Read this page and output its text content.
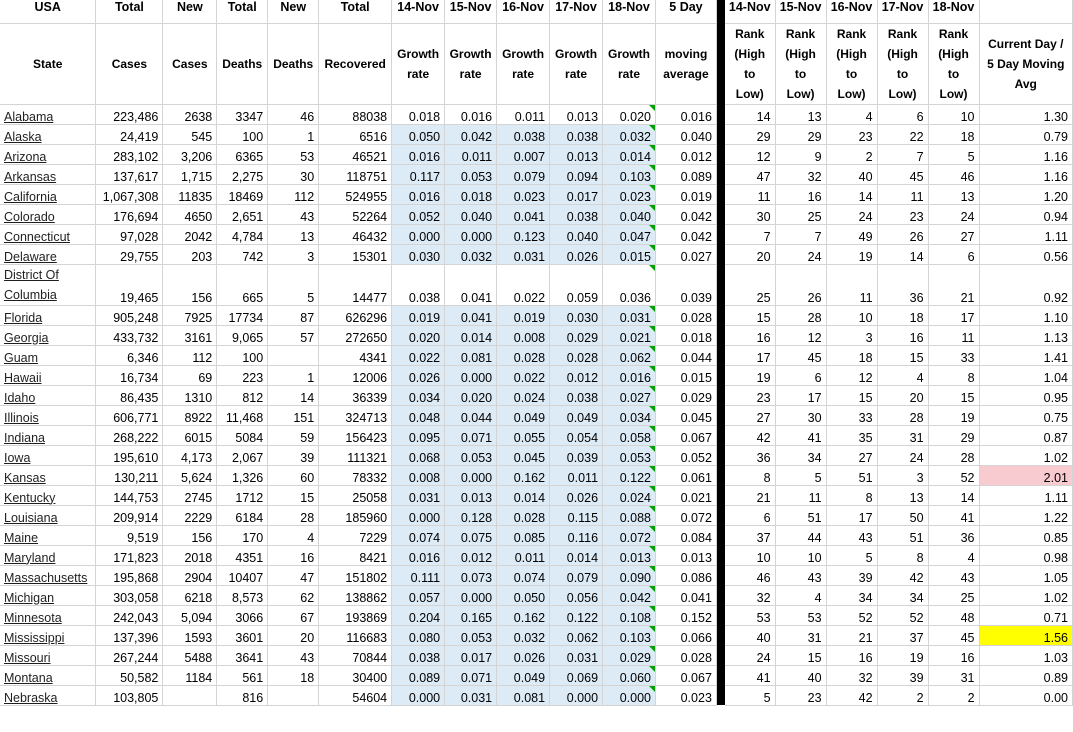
USA	Total	New	Total	New	Total	14-Nov	15-Nov	16-Nov	17-Nov	18-Nov	5 Day		14-Nov	15-Nov	16-Nov	17-Nov	18-Nov	
State	Cases	Cases	Deaths	Deaths	Recovered	Growth rate	Growth rate	Growth rate	Growth rate	Growth rate	moving average		Rank (High to Low)	Rank (High to Low)	Rank (High to Low)	Rank (High to Low)	Rank (High to Low)	Current Day / 5 Day Moving Avg
Alabama	223,486	2638	3347	46	88038	0.018	0.016	0.011	0.013	0.020	0.016		14	13	4	6	10	1.30
Alaska	24,419	545	100	1	6516	0.050	0.042	0.038	0.038	0.032	0.040		29	29	23	22	18	0.79
Arizona	283,102	3,206	6365	53	46521	0.016	0.011	0.007	0.013	0.014	0.012		12	9	2	7	5	1.16
Arkansas	137,617	1,715	2,275	30	118751	0.117	0.053	0.079	0.094	0.103	0.089		47	32	40	45	46	1.16
California	1,067,308	11835	18469	112	524955	0.016	0.018	0.023	0.017	0.023	0.019		11	16	14	11	13	1.20
Colorado	176,694	4650	2,651	43	52264	0.052	0.040	0.041	0.038	0.040	0.042		30	25	24	23	24	0.94
Connecticut	97,028	2042	4,784	13	46432	0.000	0.000	0.123	0.040	0.047	0.042		7	7	49	26	27	1.11
Delaware	29,755	203	742	3	15301	0.030	0.032	0.031	0.026	0.015	0.027		20	24	19	14	6	0.56
District Of Columbia	19,465	156	665	5	14477	0.038	0.041	0.022	0.059	0.036	0.039		25	26	11	36	21	0.92
Florida	905,248	7925	17734	87	626296	0.019	0.041	0.019	0.030	0.031	0.028		15	28	10	18	17	1.10
Georgia	433,732	3161	9,065	57	272650	0.020	0.014	0.008	0.029	0.021	0.018		16	12	3	16	11	1.13
Guam	6,346	112	100		4341	0.022	0.081	0.028	0.028	0.062	0.044		17	45	18	15	33	1.41
Hawaii	16,734	69	223	1	12006	0.026	0.000	0.022	0.012	0.016	0.015		19	6	12	4	8	1.04
Idaho	86,435	1310	812	14	36339	0.034	0.020	0.024	0.038	0.027	0.029		23	17	15	20	15	0.95
Illinois	606,771	8922	11,468	151	324713	0.048	0.044	0.049	0.049	0.034	0.045		27	30	33	28	19	0.75
Indiana	268,222	6015	5084	59	156423	0.095	0.071	0.055	0.054	0.058	0.067		42	41	35	31	29	0.87
Iowa	195,610	4,173	2,067	39	111321	0.068	0.053	0.045	0.039	0.053	0.052		36	34	27	24	28	1.02
Kansas	130,211	5,624	1,326	60	78332	0.008	0.000	0.162	0.011	0.122	0.061		8	5	51	3	52	2.01
Kentucky	144,753	2745	1712	15	25058	0.031	0.013	0.014	0.026	0.024	0.021		21	11	8	13	14	1.11
Louisiana	209,914	2229	6184	28	185960	0.000	0.128	0.028	0.115	0.088	0.072		6	51	17	50	41	1.22
Maine	9,519	156	170	4	7229	0.074	0.075	0.085	0.116	0.072	0.084		37	44	43	51	36	0.85
Maryland	171,823	2018	4351	16	8421	0.016	0.012	0.011	0.014	0.013	0.013		10	10	5	8	4	0.98
Massachusetts	195,868	2904	10407	47	151802	0.111	0.073	0.074	0.079	0.090	0.086		46	43	39	42	43	1.05
Michigan	303,058	6218	8,573	62	138862	0.057	0.000	0.050	0.056	0.042	0.041		32	4	34	34	25	1.02
Minnesota	242,043	5,094	3066	67	193869	0.204	0.165	0.162	0.122	0.108	0.152		53	53	52	52	48	0.71
Mississippi	137,396	1593	3601	20	116683	0.080	0.053	0.032	0.062	0.103	0.066		40	31	21	37	45	1.56
Missouri	267,244	5488	3641	43	70844	0.038	0.017	0.026	0.031	0.029	0.028		24	15	16	19	16	1.03
Montana	50,582	1184	561	18	30400	0.089	0.071	0.049	0.069	0.060	0.067		41	40	32	39	31	0.89
Nebraska	103,805		816		54604	0.000	0.031	0.081	0.000	0.000	0.023		5	23	42	2	2	0.00
